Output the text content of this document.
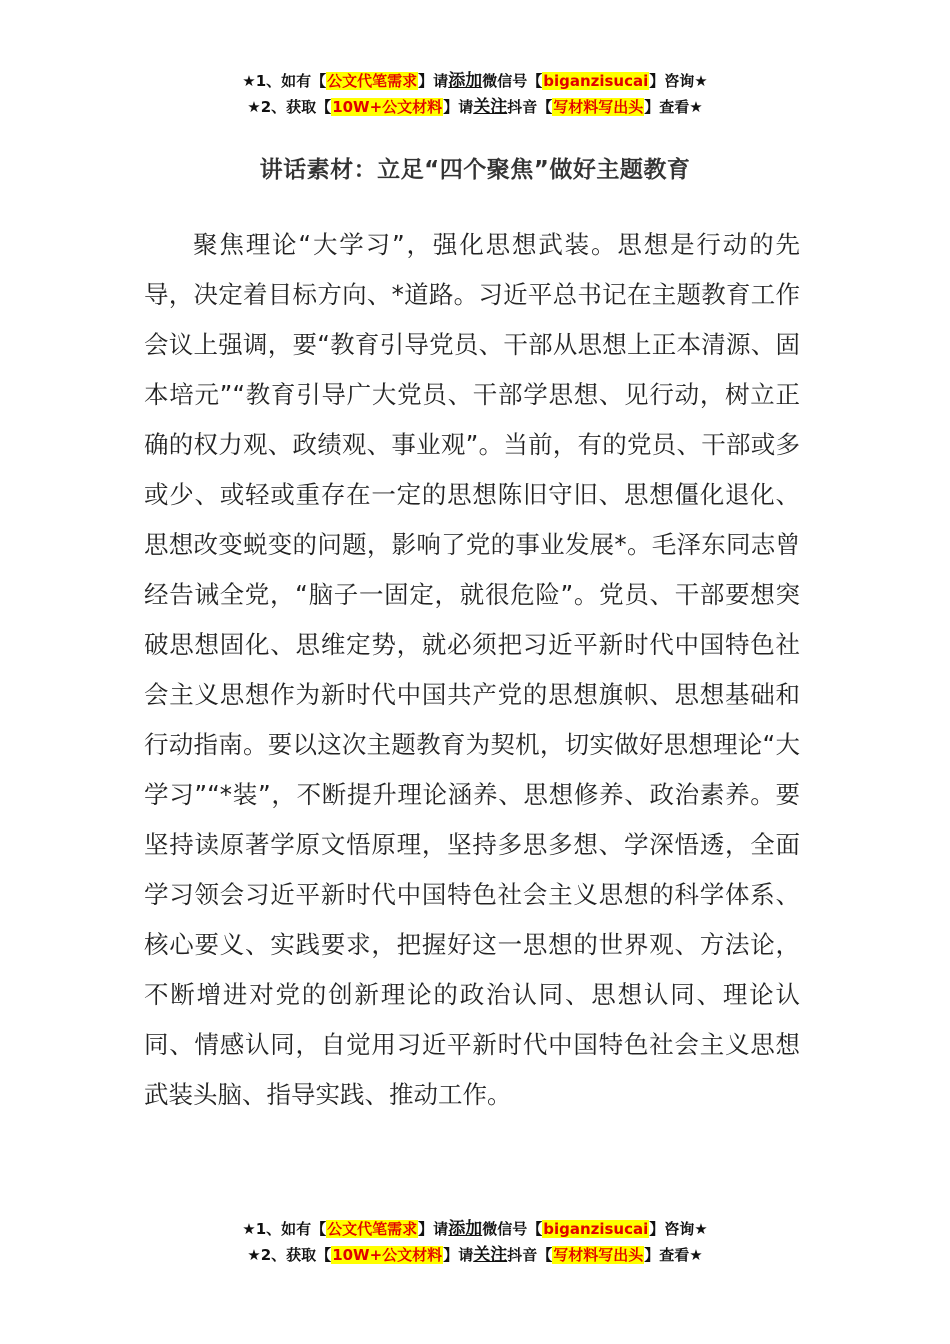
★1、如有【公文代笔需求】请添加微信号【biganzisucai】咨询★
★2、获取【10W+公文材料】请关注抖音【写材料写出头】查看★
讲话素材：立足“四个聚焦”做好主题教育

聚焦理论“大学习”，强化思想武装。思想是行动的先导，决定着目标方向、*道路。习近平总书记在主题教育工作会议上强调，要“教育引导党员、干部从思想上正本清源、固本培元”“教育引导广大党员、干部学思想、见行动，树立正确的权力观、政绩观、事业观”。当前，有的党员、干部或多或少、或轻或重存在一定的思想陈旧守旧、思想僵化退化、思想改变蜕变的问题，影响了党的事业发展*。毛泽东同志曾经告诫全党，“脑子一固定，就很危险”。党员、干部要想突破思想固化、思维定势，就必须把习近平新时代中国特色社会主义思想作为新时代中国共产党的思想旗帜、思想基础和行动指南。要以这次主题教育为契机，切实做好思想理论“大学习”“*装”，不断提升理论涵养、思想修养、政治素养。要坚持读原著学原文悟原理，坚持多思多想、学深悟透，全面学习领会习近平新时代中国特色社会主义思想的科学体系、核心要义、实践要求，把握好这一思想的世界观、方法论，不断增进对党的创新理论的政治认同、思想认同、理论认同、情感认同，自觉用习近平新时代中国特色社会主义思想武装头脑、指导实践、推动工作。

★1、如有【公文代笔需求】请添加微信号【biganzisucai】咨询★
★2、获取【10W+公文材料】请关注抖音【写材料写出头】查看★
